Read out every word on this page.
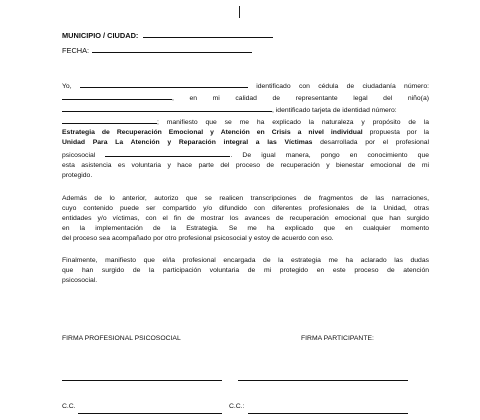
MUNICIPIO / CIUDAD:
FECHA:
Yo,	identificado con cédula de ciudadanía número:
, en mi calidad de representante legal del niño(a)
, identificado tarjeta de identidad número:
; manifiesto que se me ha explicado la naturaleza y propósito de la
Estrategia de Recuperación Emocional y Atención en Crisis a nivel individual propuesta por la
Unidad Para La Atención y Reparación integral a las Víctimas desarrollada por el profesional
psicosocial	. De igual manera, pongo en conocimiento que
esta asistencia es voluntaria y hace parte del proceso de recuperación y bienestar emocional de mi
protegido.
Además de lo anterior, autorizo que se realicen transcripciones de fragmentos de las narraciones,
cuyo contenido puede ser compartido y/o difundido con diferentes profesionales de la Unidad, otras
entidades y/o víctimas, con el fin de mostrar los avances de recuperación emocional que han surgido
en la implementación de la Estrategia. Se me ha explicado que en cualquier momento
del proceso sea acompañado por otro profesional psicosocial y estoy de acuerdo con eso.
Finalmente, manifiesto que el/la profesional encargada de la estrategia me ha aclarado las dudas
que han surgido de la participación voluntaria de mi protegido en este proceso de atención
psicosocial.
FIRMA PROFESIONAL PSICOSOCIAL	FIRMA PARTICIPANTE:
C.C.	C.C.:
